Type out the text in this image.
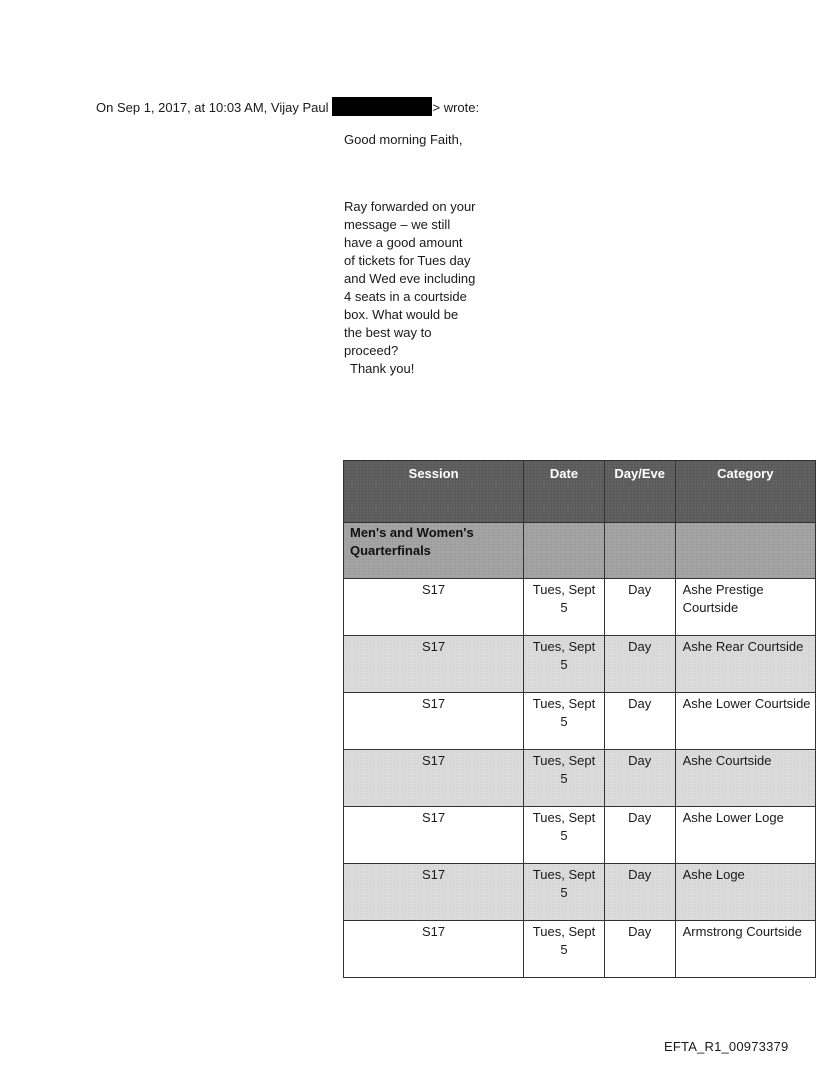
On Sep 1, 2017, at 10:03 AM, Vijay Paul	> wrote:
Good morning Faith,
Ray forwarded on your message – we still have a good amount of tickets for Tues day and Wed eve including 4 seats in a courtside box. What would be the best way to proceed?
Thank you!
Session	Date	Day/Eve	Category
Men's and Women's Quarterfinals			
S17	Tues, Sept 5	Day	Ashe Prestige Courtside
S17	Tues, Sept 5	Day	Ashe Rear Courtside
S17	Tues, Sept 5	Day	Ashe Lower Courtside
S17	Tues, Sept 5	Day	Ashe Courtside
S17	Tues, Sept 5	Day	Ashe Lower Loge
S17	Tues, Sept 5	Day	Ashe Loge
S17	Tues, Sept 5	Day	Armstrong Courtside
EFTA_R1_00973379
